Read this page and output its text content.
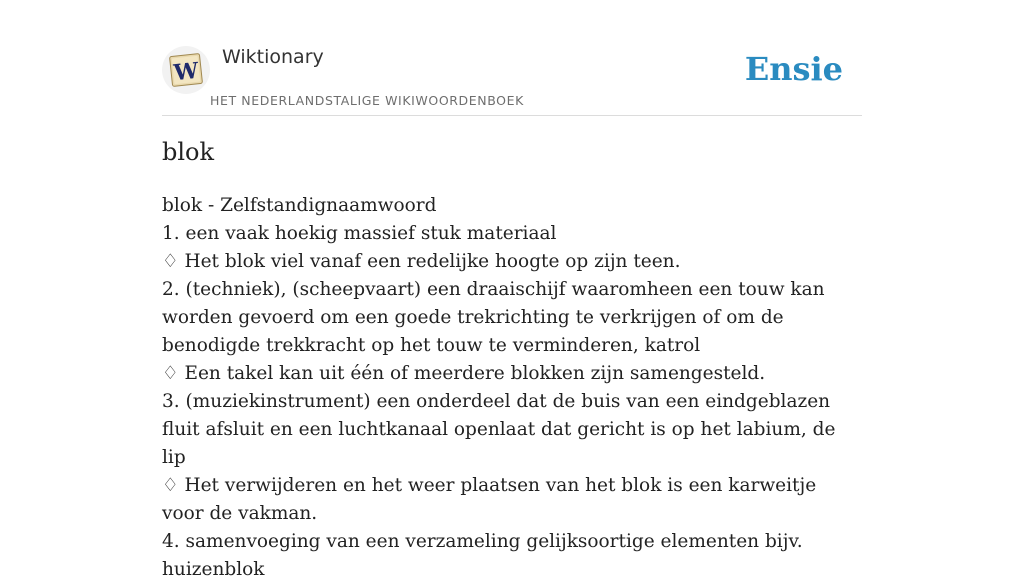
W
Wiktionary
HET NEDERLANDSTALIGE WIKIWOORDENBOEK
Ensie
blok
blok - Zelfstandignaamwoord
1. een vaak hoekig massief stuk materiaal
♢ Het blok viel vanaf een redelijke hoogte op zijn teen.
2. (techniek), (scheepvaart) een draaischijf waaromheen een touw kan worden gevoerd om een goede trekrichting te verkrijgen of om de benodigde trekkracht op het touw te verminderen, katrol
♢ Een takel kan uit één of meerdere blokken zijn samengesteld.
3. (muziekinstrument) een onderdeel dat de buis van een eindgeblazen fluit afsluit en een luchtkanaal openlaat dat gericht is op het labium, de lip
♢ Het verwijderen en het weer plaatsen van het blok is een karweitje voor de vakman.
4. samenvoeging van een verzameling gelijksoortige elementen bijv. huizenblok
